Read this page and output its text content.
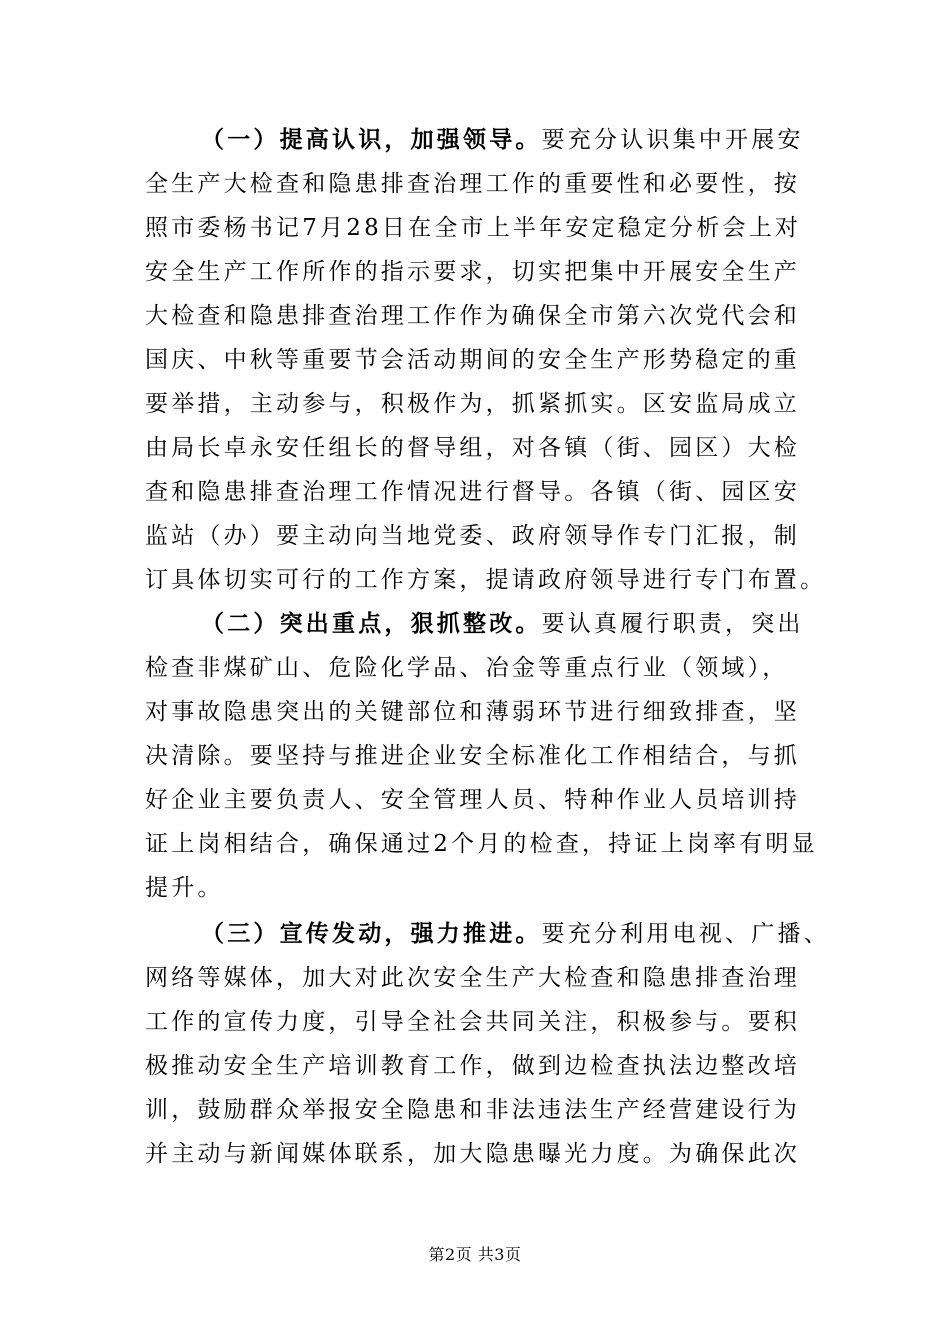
（一）提高认识，加强领导。要充分认识集中开展安
全生产大检查和隐患排查治理工作的重要性和必要性，按
照市委杨书记7月28日在全市上半年安定稳定分析会上对
安全生产工作所作的指示要求，切实把集中开展安全生产
大检查和隐患排查治理工作作为确保全市第六次党代会和
国庆、中秋等重要节会活动期间的安全生产形势稳定的重
要举措，主动参与，积极作为，抓紧抓实。区安监局成立
由局长卓永安任组长的督导组，对各镇（街、园区）大检
查和隐患排查治理工作情况进行督导。各镇（街、园区安
监站（办）要主动向当地党委、政府领导作专门汇报，制
订具体切实可行的工作方案，提请政府领导进行专门布置。
（二）突出重点，狠抓整改。要认真履行职责，突出
检查非煤矿山、危险化学品、冶金等重点行业（领域），
对事故隐患突出的关键部位和薄弱环节进行细致排查，坚
决清除。要坚持与推进企业安全标准化工作相结合，与抓
好企业主要负责人、安全管理人员、特种作业人员培训持
证上岗相结合，确保通过2个月的检查，持证上岗率有明显
提升。
（三）宣传发动，强力推进。要充分利用电视、广播、
网络等媒体，加大对此次安全生产大检查和隐患排查治理
工作的宣传力度，引导全社会共同关注，积极参与。要积
极推动安全生产培训教育工作，做到边检查执法边整改培
训，鼓励群众举报安全隐患和非法违法生产经营建设行为
并主动与新闻媒体联系，加大隐患曝光力度。为确保此次
第2页 共3页
